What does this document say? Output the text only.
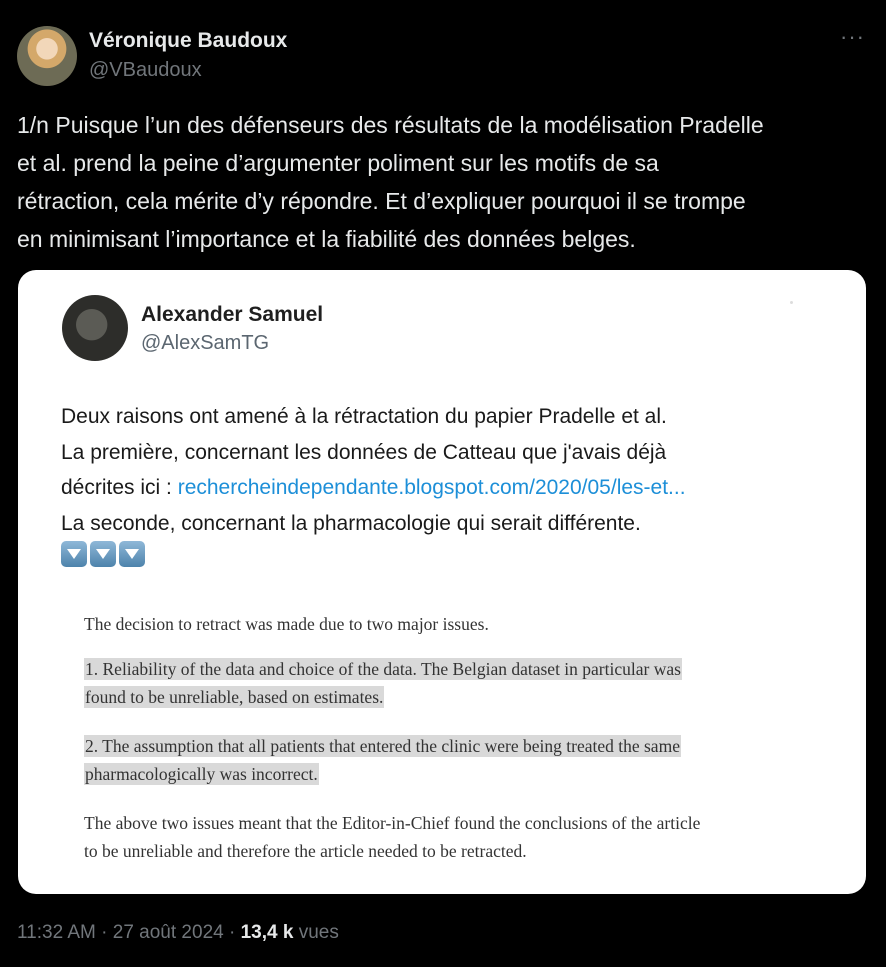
Véronique Baudoux
@VBaudoux
···
1/n Puisque l’un des défenseurs des résultats de la modélisation Pradelle
et al. prend la peine d’argumenter poliment sur les motifs de sa
rétraction, cela mérite d’y répondre. Et d’expliquer pourquoi il se trompe
en minimisant l’importance et la fiabilité des données belges.
Alexander Samuel
@AlexSamTG
Deux raisons ont amené à la rétractation du papier Pradelle et al.
La première, concernant les données de Catteau que j'avais déjà
décrites ici : rechercheindependante.blogspot.com/2020/05/les-et...
La seconde, concernant la pharmacologie qui serait différente.
The decision to retract was made due to two major issues.
1. Reliability of the data and choice of the data. The Belgian dataset in particular was
found to be unreliable, based on estimates.
2. The assumption that all patients that entered the clinic were being treated the same
pharmacologically was incorrect.
The above two issues meant that the Editor-in-Chief found the conclusions of the article
to be unreliable and therefore the article needed to be retracted.
11:32 AM · 27 août 2024 · 13,4 k vues
